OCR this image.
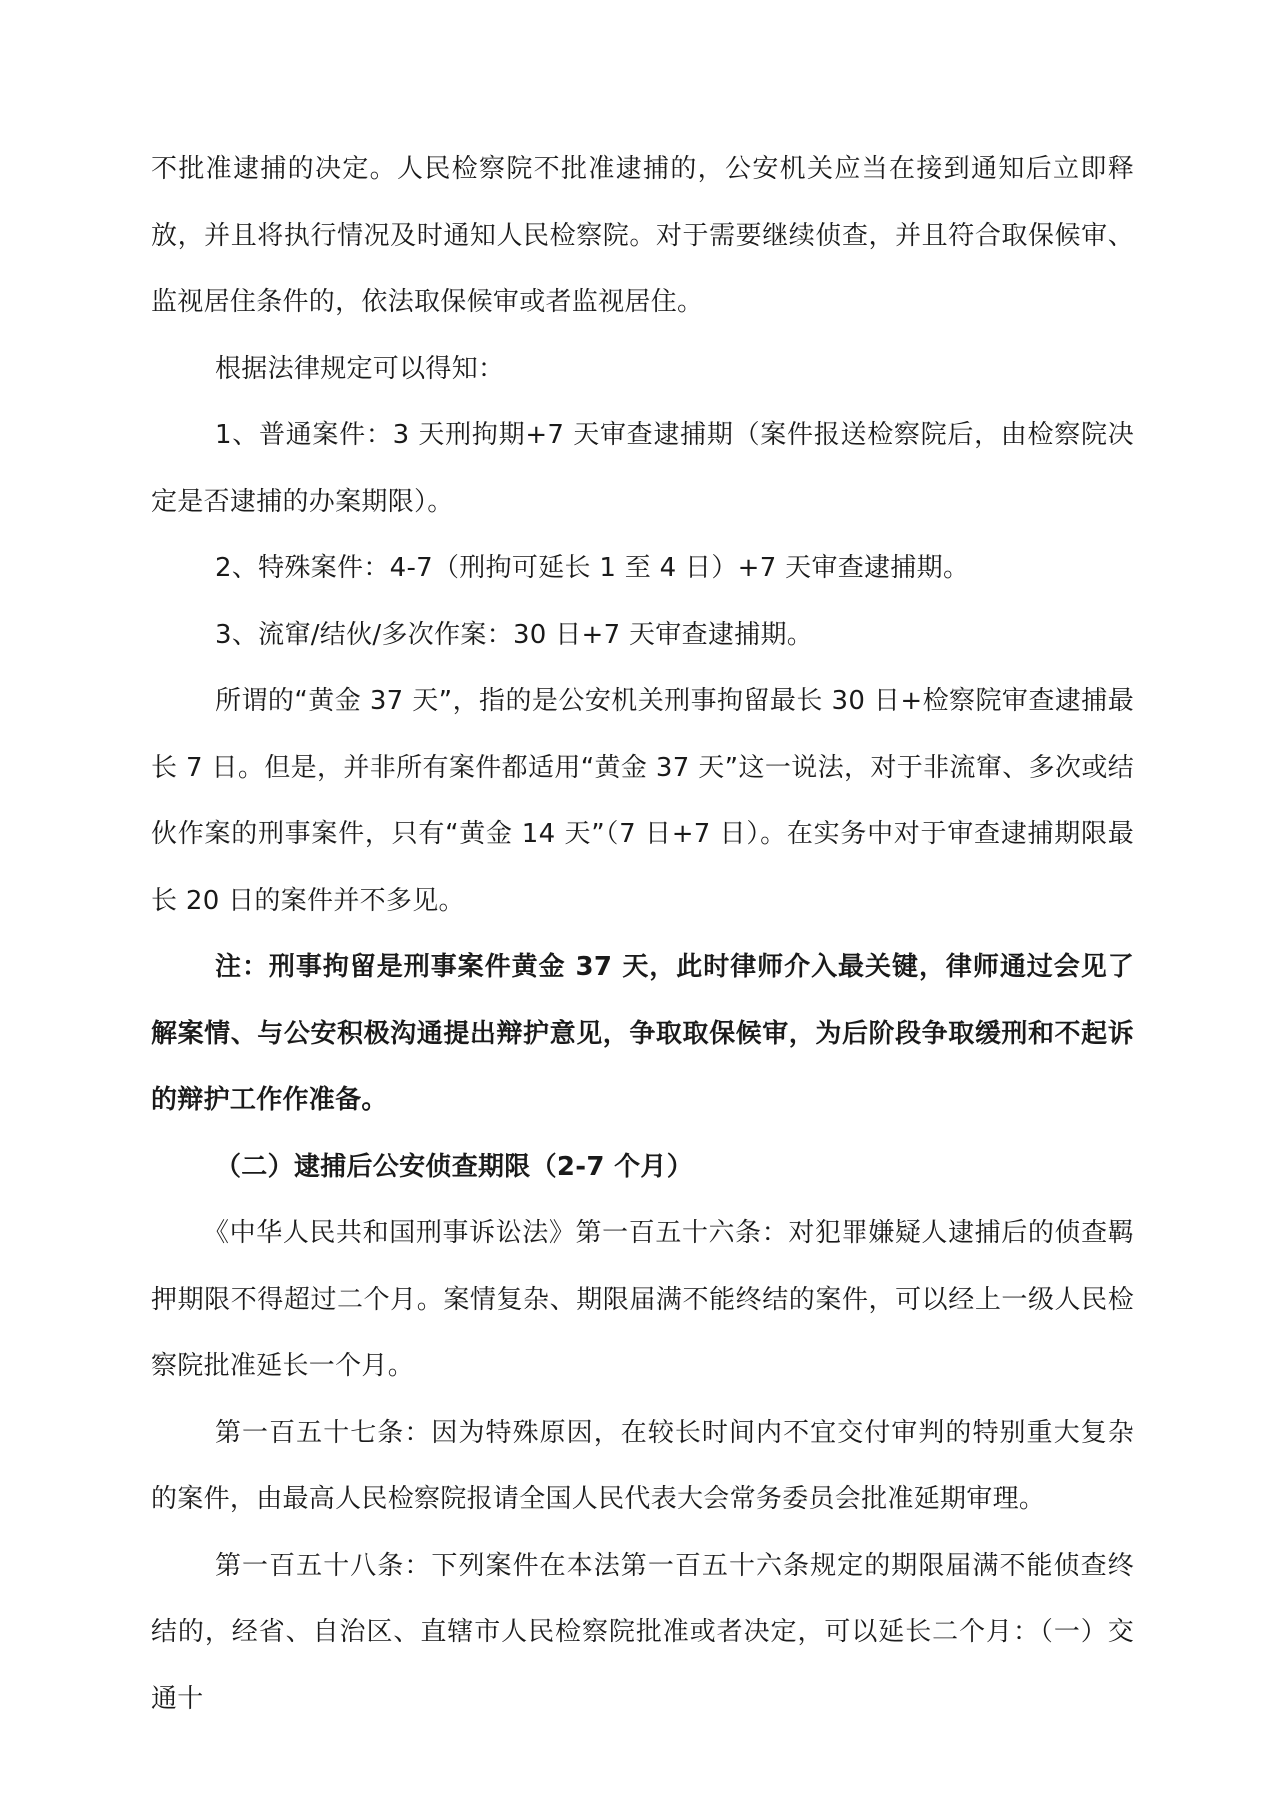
不批准逮捕的决定。人民检察院不批准逮捕的，公安机关应当在接到通知后立即释放，并且将执行情况及时通知人民检察院。对于需要继续侦查，并且符合取保候审、监视居住条件的，依法取保候审或者监视居住。

根据法律规定可以得知：

1、普通案件：3 天刑拘期+7 天审查逮捕期（案件报送检察院后，由检察院决定是否逮捕的办案期限）。

2、特殊案件：4-7（刑拘可延长 1 至 4 日）+7 天审查逮捕期。

3、流窜/结伙/多次作案：30 日+7 天审查逮捕期。

所谓的“黄金 37 天”，指的是公安机关刑事拘留最长 30 日+检察院审查逮捕最长 7 日。但是，并非所有案件都适用“黄金 37 天”这一说法，对于非流窜、多次或结伙作案的刑事案件，只有“黄金 14 天”（7 日+7 日）。在实务中对于审查逮捕期限最长 20 日的案件并不多见。

注：刑事拘留是刑事案件黄金 37 天，此时律师介入最关键，律师通过会见了解案情、与公安积极沟通提出辩护意见，争取取保候审，为后阶段争取缓刑和不起诉的辩护工作作准备。

（二）逮捕后公安侦查期限（2-7 个月）

《中华人民共和国刑事诉讼法》第一百五十六条：对犯罪嫌疑人逮捕后的侦查羁押期限不得超过二个月。案情复杂、期限届满不能终结的案件，可以经上一级人民检察院批准延长一个月。

第一百五十七条：因为特殊原因，在较长时间内不宜交付审判的特别重大复杂的案件，由最高人民检察院报请全国人民代表大会常务委员会批准延期审理。

第一百五十八条：下列案件在本法第一百五十六条规定的期限届满不能侦查终结的，经省、自治区、直辖市人民检察院批准或者决定，可以延长二个月：（一）交通十
